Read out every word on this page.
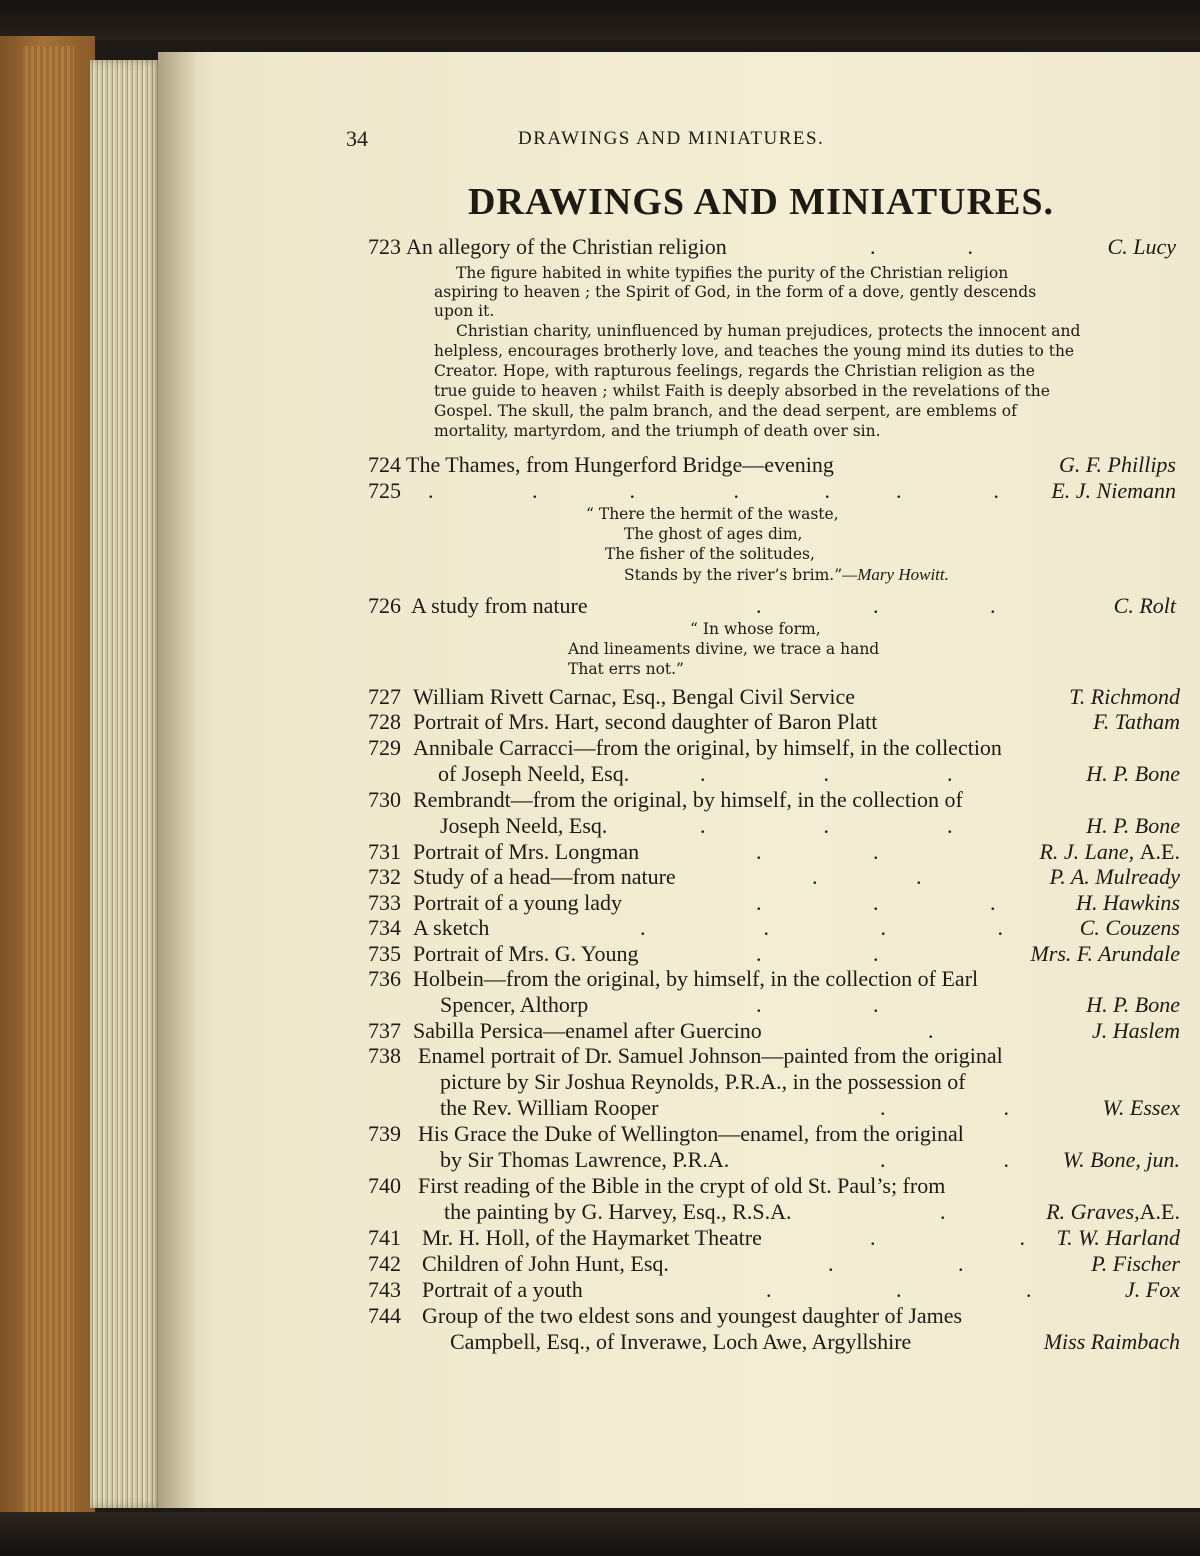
34	DRAWINGS AND MINIATURES.
DRAWINGS AND MINIATURES.
723 An allegory of the Christian religion	.              .	C. Lucy
The figure habited in white typifies the purity of the Christian religion
aspiring to heaven ; the Spirit of God, in the form of a dove, gently descends
upon it.
Christian charity, uninfluenced by human prejudices, protects the innocent and
helpless, encourages brotherly love, and teaches the young mind its duties to the
Creator. Hope, with rapturous feelings, regards the Christian religion as the
true guide to heaven ; whilst Faith is deeply absorbed in the revelations of the
Gospel. The skull, the palm branch, and the dead serpent, are emblems of
mortality, martyrdom, and the triumph of death over sin.
724 The Thames, from Hungerford Bridge—evening	G. F. Phillips
725 .               .              .               .             .          .              . E. J. Niemann
“ There the hermit of the waste,
The ghost of ages dim,
The fisher of the solitudes,
Stands by the river’s brim.”—Mary Howitt.
726 A study from nature	.                 .                 .	C. Rolt
“ In whose form,
And lineaments divine, we trace a hand
That errs not.”
727 William Rivett Carnac, Esq., Bengal Civil Service	T. Richmond
728 Portrait of Mrs. Hart, second daughter of Baron Platt	F. Tatham
729 Annibale Carracci—from the original, by himself, in the collection
of Joseph Neeld, Esq.	.                  .                  .	H. P. Bone
730 Rembrandt—from the original, by himself, in the collection of
Joseph Neeld, Esq.	.                  .                  .	H. P. Bone
731 Portrait of Mrs. Longman	.                 .	R. J. Lane, A.E.
732 Study of a head—from nature	.               .	P. A. Mulready
733 Portrait of a young lady	.                 .                 .	H. Hawkins
734 A sketch	.                  .                 .                 .	C. Couzens
735 Portrait of Mrs. G. Young	.                 .	Mrs. F. Arundale
736 Holbein—from the original, by himself, in the collection of Earl
Spencer, Althorp	.                 .	H. P. Bone
737 Sabilla Persica—enamel after Guercino	.	J. Haslem
738 Enamel portrait of Dr. Samuel Johnson—painted from the original
picture by Sir Joshua Reynolds, P.R.A., in the possession of
the Rev. William Rooper	.                  .	W. Essex
739 His Grace the Duke of Wellington—enamel, from the original
by Sir Thomas Lawrence, P.R.A.	.                  . W. Bone, jun.
740 First reading of the Bible in the crypt of old St. Paul’s; from
the painting by G. Harvey, Esq., R.S.A.	.	R. Graves,A.E.
741 Mr. H. Holl, of the Haymarket Theatre	.                      . T. W. Harland
742 Children of John Hunt, Esq.	.                   .	P. Fischer
743 Portrait of a youth	.                   .                   .	J. Fox
744 Group of the two eldest sons and youngest daughter of James
Campbell, Esq., of Inverawe, Loch Awe, Argyllshire	Miss Raimbach
